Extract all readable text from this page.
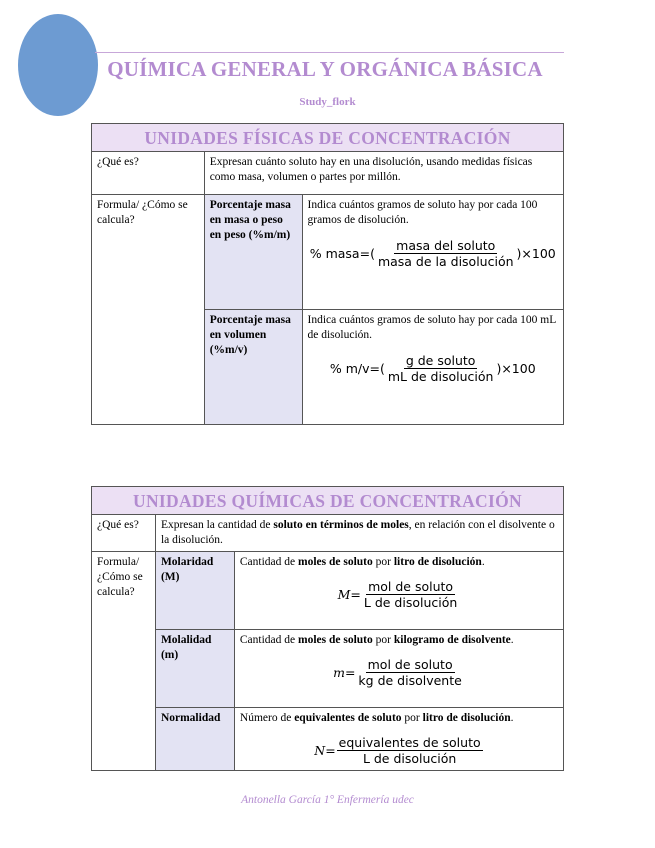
QUÍMICA GENERAL Y ORGÁNICA BÁSICA
Study_flork
UNIDADES FÍSICAS DE CONCENTRACIÓN		
¿Qué es?	Expresan cuánto soluto hay en una disolución, usando medidas físicas como masa, volumen o partes por millón.	
Formula/ ¿Cómo se calcula?	Porcentaje masa en masa o peso en peso (%m/m)	Indica cuántos gramos de soluto hay por cada 100 gramos de disolución.
% masa=( $\frac{\text{masa del soluto}}{\text{masa de la disolución}} )\times 100$

	Porcentaje masa en volumen (%m/v)	Indica cuántos gramos de soluto hay por cada 100 mL de disolución.
% $m/v=( \frac{\text{g de soluto}}{\text{mL de disolución}} )\times 100$
UNIDADES QUÍMICAS DE CONCENTRACIÓN		
¿Qué es?	Expresan la cantidad de soluto en términos de moles, en relación con el disolvente o la disolución.	
Formula/ ¿Cómo se calcula?	Molaridad (M)	Cantidad de moles de soluto por litro de disolución.
$M = \frac{\text{mol de soluto}}{\text{L de disolución}}$

	Molalidad (m)	Cantidad de moles de soluto por kilogramo de disolvente.
$m = \frac{\text{mol de soluto}}{\text{kg de disolvente}}$

	Normalidad	Número de equivalentes de soluto por litro de disolución.
$N = \frac{\text{equivalentes de soluto}}{\text{L de disolución}}$
Antonella García 1° Enfermería udec
